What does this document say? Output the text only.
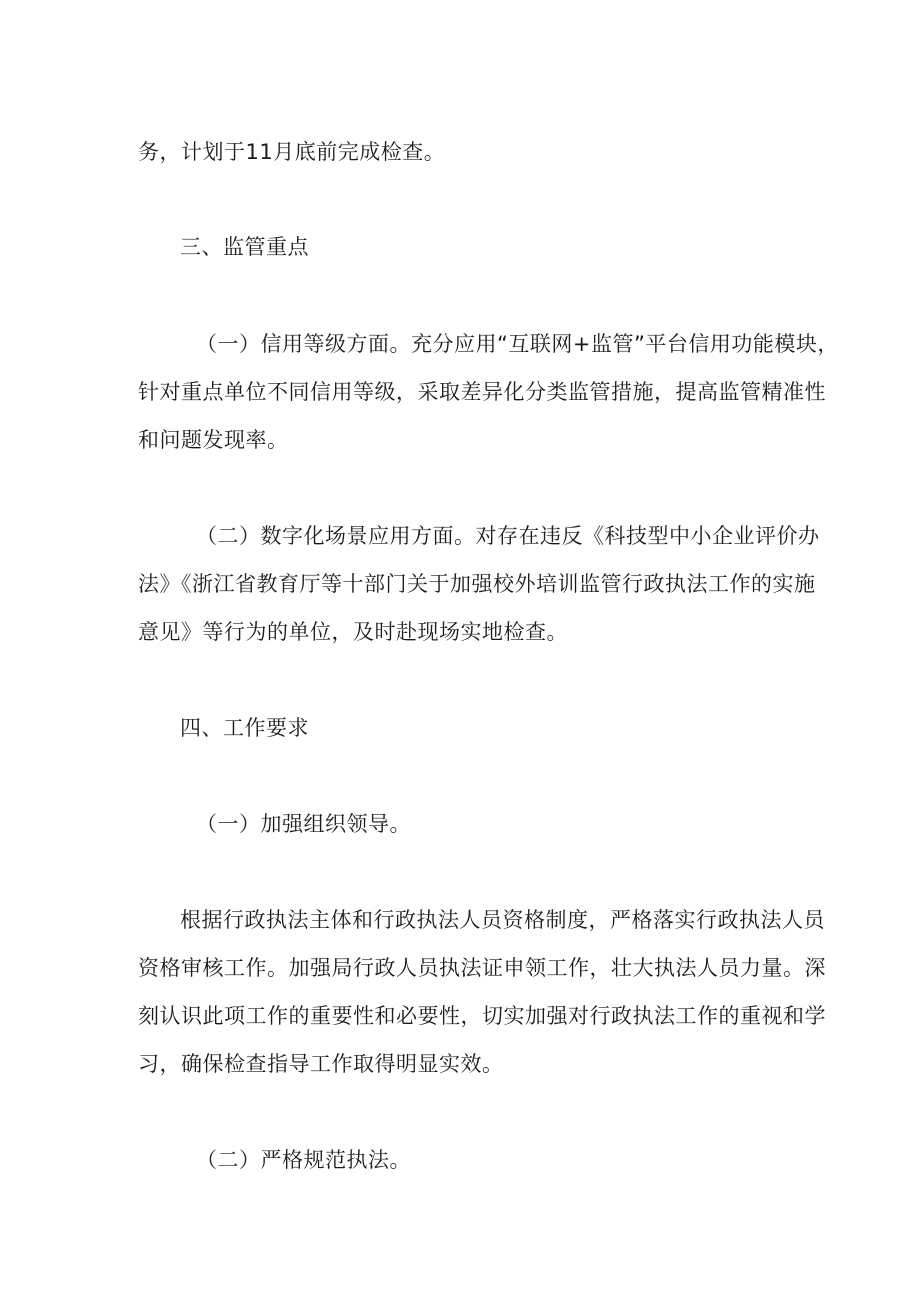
务，计划于11月底前完成检查。
三、监管重点
（一）信用等级方面。充分应用“互联网+监管”平台信用功能模块，
针对重点单位不同信用等级，采取差异化分类监管措施，提高监管精准性
和问题发现率。
（二）数字化场景应用方面。对存在违反《科技型中小企业评价办
法》《浙江省教育厅等十部门关于加强校外培训监管行政执法工作的实施
意见》等行为的单位，及时赴现场实地检查。
四、工作要求
（一）加强组织领导。
根据行政执法主体和行政执法人员资格制度，严格落实行政执法人员
资格审核工作。加强局行政人员执法证申领工作，壮大执法人员力量。深
刻认识此项工作的重要性和必要性，切实加强对行政执法工作的重视和学
习，确保检查指导工作取得明显实效。
（二）严格规范执法。
